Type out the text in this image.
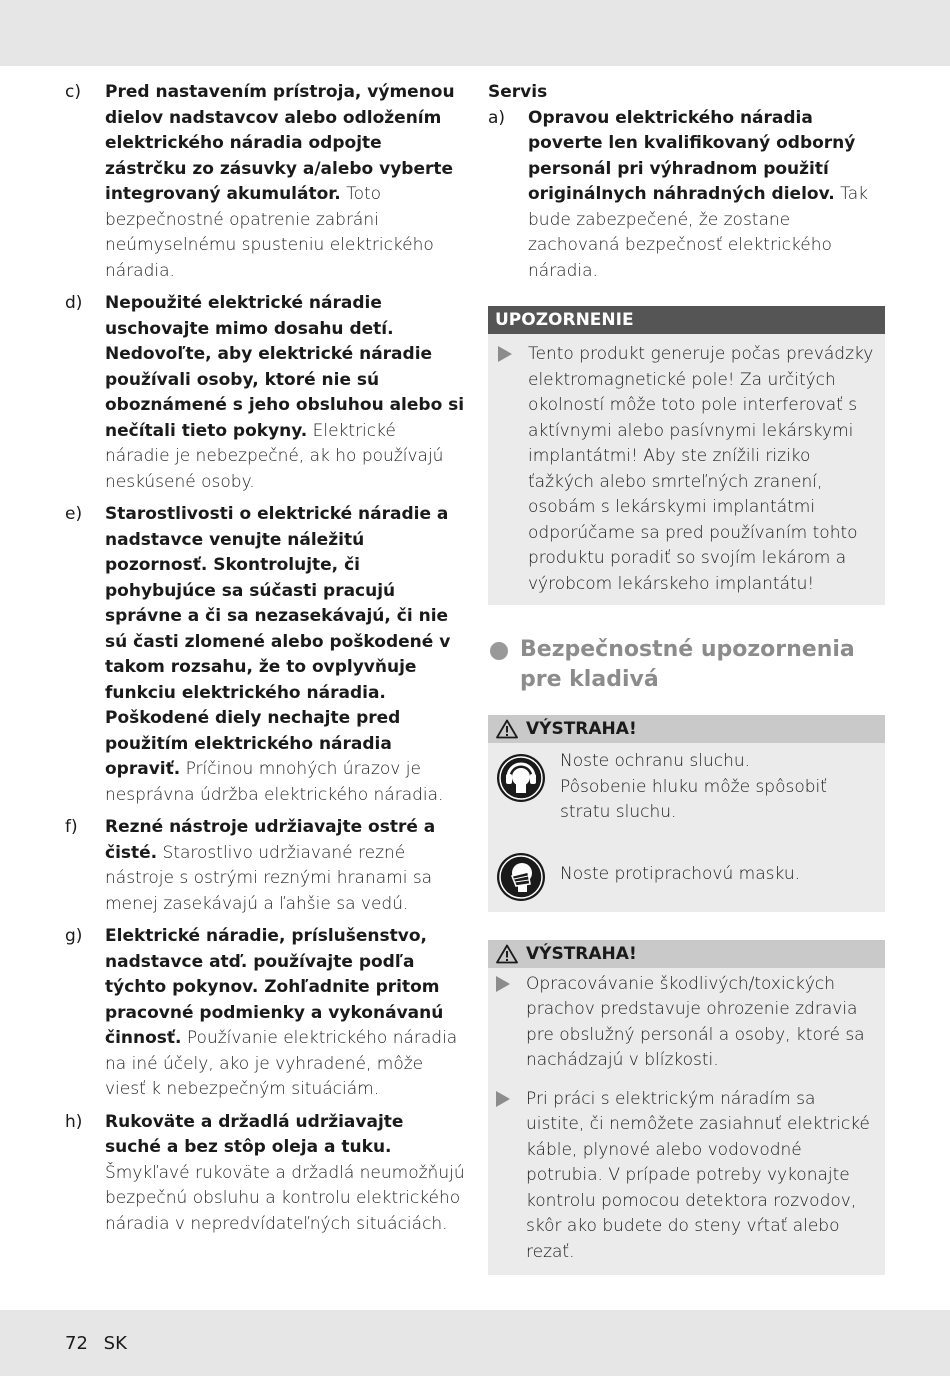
c) Pred nastavením prístroja, výmenou dielov nadstavcov alebo odložením elektrického náradia odpojte zástrčku zo zásuvky a/alebo vyberte integrovaný akumulátor. Toto bezpečnostné opatrenie zabráni neúmyselnému spusteniu elektrického náradia.
d) Nepoužité elektrické náradie uschovajte mimo dosahu detí. Nedovoľte, aby elektrické náradie používali osoby, ktoré nie sú oboznámené s jeho obsluhou alebo si nečítali tieto pokyny. Elektrické náradie je nebezpečné, ak ho používajú neskúsené osoby.
e) Starostlivosti o elektrické náradie a nadstavce venujte náležitú pozornosť. Skontrolujte, či pohybujúce sa súčasti pracujú správne a či sa nezasekávajú, či nie sú časti zlomené alebo poškodené v takom rozsahu, že to ovplyvňuje funkciu elektrického náradia. Poškodené diely nechajte pred použitím elektrického náradia opraviť. Príčinou mnohých úrazov je nesprávna údržba elektrického náradia.
f) Rezné nástroje udržiavajte ostré a čisté. Starostlivo udržiavané rezné nástroje s ostrými reznými hranami sa menej zasekávajú a ľahšie sa vedú.
g) Elektrické náradie, príslušenstvo, nadstavce atď. používajte podľa týchto pokynov. Zohľadnite pritom pracovné podmienky a vykonávanú činnosť. Používanie elektrického náradia na iné účely, ako je vyhradené, môže viesť k nebezpečným situáciám.
h) Rukoväte a držadlá udržiavajte suché a bez stôp oleja a tuku. Šmykľavé rukoväte a držadlá neumožňujú bezpečnú obsluhu a kontrolu elektrického náradia v nepredvídateľných situáciách.
Servis
a) Opravou elektrického náradia poverte len kvalifikovaný odborný personál pri výhradnom použití originálnych náhradných dielov. Tak bude zabezpečené, že zostane zachovaná bezpečnosť elektrického náradia.
UPOZORNENIE
Tento produkt generuje počas prevádzky elektromagnetické pole! Za určitých okolností môže toto pole interferovať s aktívnymi alebo pasívnymi lekárskymi implantátmi! Aby ste znížili riziko ťažkých alebo smrteľných zranení, osobám s lekárskymi implantátmi odporúčame sa pred používaním tohto produktu poradiť so svojím lekárom a výrobcom lekárskeho implantátu!
Bezpečnostné upozornenia
pre kladivá
VÝSTRAHA!
Noste ochranu sluchu.
Pôsobenie hluku môže spôsobiť stratu sluchu.
Noste protiprachovú masku.
VÝSTRAHA!
Opracovávanie škodlivých/toxických prachov predstavuje ohrozenie zdravia pre obslužný personál a osoby, ktoré sa nachádzajú v blízkosti.
Pri práci s elektrickým náradím sa uistite, či nemôžete zasiahnuť elektrické káble, plynové alebo vodovodné potrubia. V prípade potreby vykonajte kontrolu pomocou detektora rozvodov, skôr ako budete do steny vŕtať alebo rezať.
72 SK
